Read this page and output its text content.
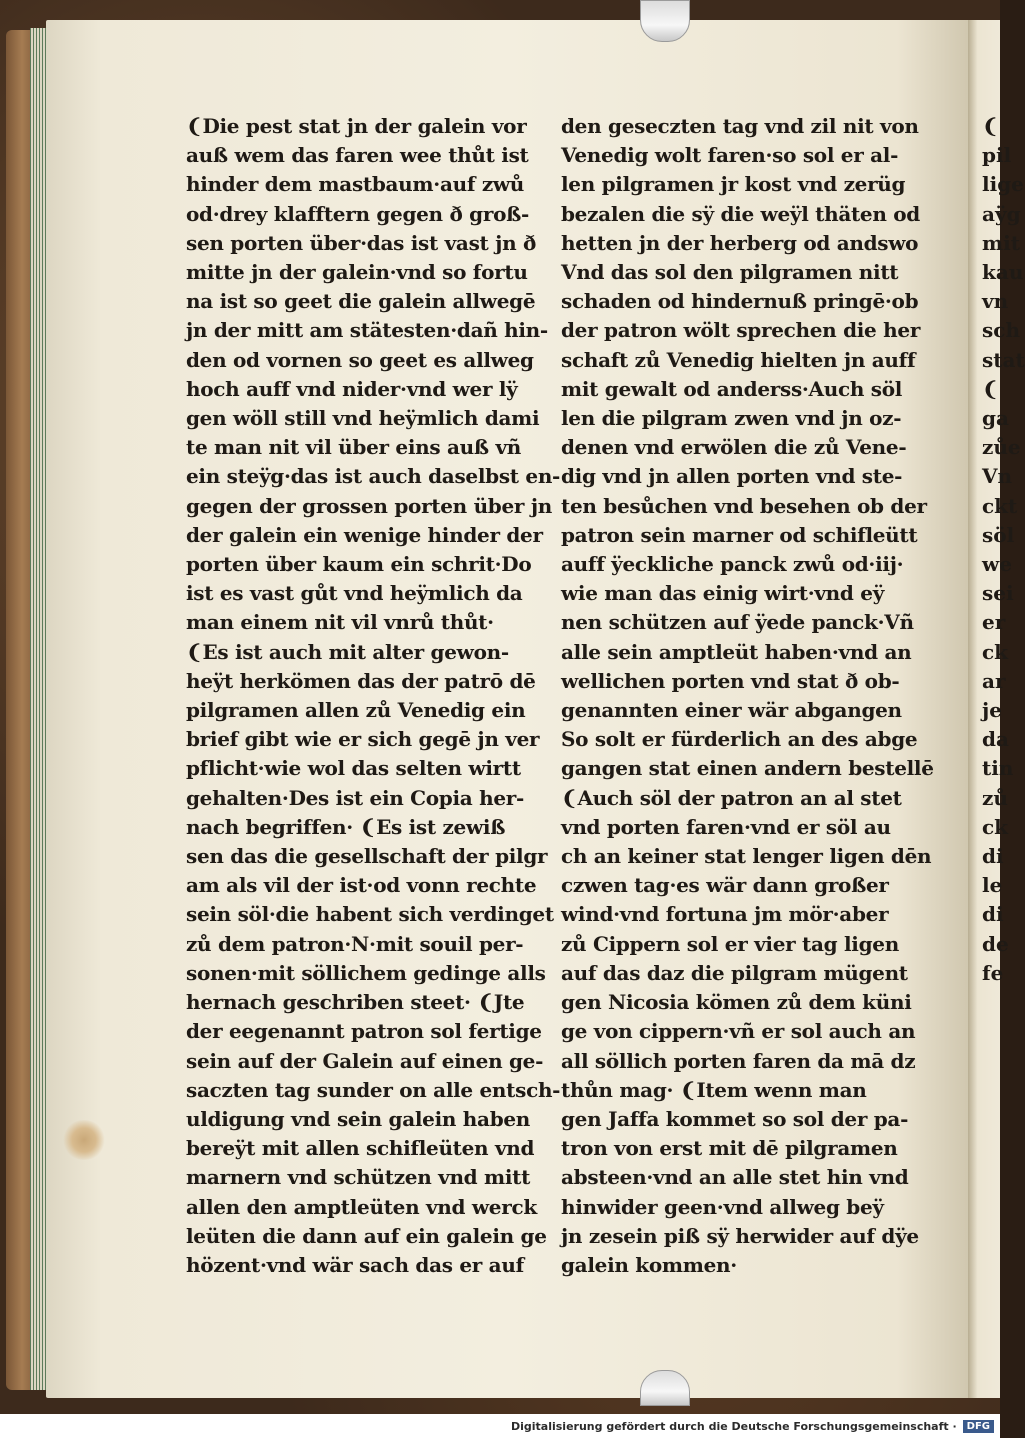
❨Die pest stat jn der galein vor
auß wem das faren wee thůt ist
hinder dem mastbaum·auf zwů
od·drey klafftern gegen ð groß-
sen porten über·das ist vast jn ð
mitte jn der galein·vnd so fortu
na ist so geet die galein allwegē
jn der mitt am stätesten·dañ hin-
den od vornen so geet es allweg
hoch auff vnd nider·vnd wer lÿ
gen wöll still vnd heÿmlich dami
te man nit vil über eins auß vñ
ein steÿg·das ist auch daselbst en-
gegen der grossen porten über jn
der galein ein wenige hinder der
porten über kaum ein schrit·Do
ist es vast gůt vnd heÿmlich da
man einem nit vil vnrů thůt·
❨Es ist auch mit alter gewon-
heÿt herkömen das der patrō dē
pilgramen allen zů Venedig ein
brief gibt wie er sich gegē jn ver
pflicht·wie wol das selten wirtt
gehalten·Des ist ein Copia her-
nach begriffen· ❨Es ist zewiß
sen das die gesellschaft der pilgr
am als vil der ist·od vonn rechte
sein söl·die habent sich verdinget
zů dem patron·N·mit souil per-
sonen·mit söllichem gedinge alls
hernach geschriben steet· ❨Jte
der eegenannt patron sol fertige
sein auf der Galein auf einen ge-
saczten tag sunder on alle entsch-
uldigung vnd sein galein haben
bereÿt mit allen schifleüten vnd
marnern vnd schützen vnd mitt
allen den amptleüten vnd werck
leüten die dann auf ein galein ge
hözent·vnd wär sach das er auf
den geseczten tag vnd zil nit von
Venedig wolt faren·so sol er al-
len pilgramen jr kost vnd zerüg
bezalen die sÿ die weÿl thäten od
hetten jn der herberg od andswo
Vnd das sol den pilgramen nitt
schaden od hindernuß pringē·ob
der patron wölt sprechen die her
schaft zů Venedig hielten jn auff
mit gewalt od anderss·Auch söl
len die pilgram zwen vnd jn oz-
denen vnd erwölen die zů Vene-
dig vnd jn allen porten vnd ste-
ten besůchen vnd besehen ob der
patron sein marner od schifleütt
auff ÿeckliche panck zwů od·iij·
wie man das einig wirt·vnd eÿ
nen schützen auf ÿede panck·Vñ
alle sein amptleüt haben·vnd an
wellichen porten vnd stat ð ob-
genannten einer wär abgangen
So solt er fürderlich an des abge
gangen stat einen andern bestellē
❨Auch söl der patron an al stet
vnd porten faren·vnd er söl au
ch an keiner stat lenger ligen dēn
czwen tag·es wär dann großer
wind·vnd fortuna jm mör·aber
zů Cippern sol er vier tag ligen
auf das daz die pilgram mügent
gen Nicosia kömen zů dem küni
ge von cippern·vñ er sol auch an
all söllich porten faren da mā dz
thůn mag· ❨Item wenn man
gen Jaffa kommet so sol der pa-
tron von erst mit dē pilgramen
absteen·vnd an alle stet hin vnd
hinwider geen·vnd allweg beÿ
jn zesein piß sÿ herwider auf dÿe
galein kommen·
❨
pil
lige
aÿg
mit
kau
vn
sch
stat
❨
ga
zůe
Vn
ckt
söl
we
sei
er
ck
ar
je
da
tin
zů
ck
di
le
di
de
fe
Digitalisierung gefördert durch die Deutsche Forschungsgemeinschaft ·	DFG
